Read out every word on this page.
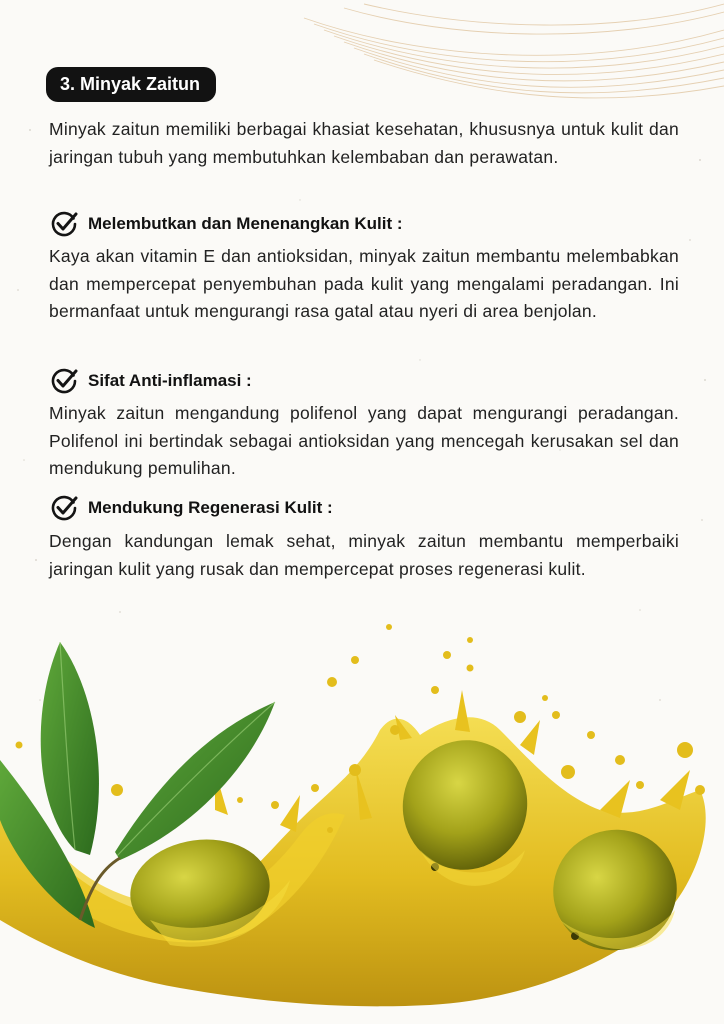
3. Minyak Zaitun

Minyak zaitun memiliki berbagai khasiat kesehatan, khususnya untuk kulit dan jaringan tubuh yang membutuhkan kelembaban dan perawatan.

Melembutkan dan Menenangkan Kulit :

Kaya akan vitamin E dan antioksidan, minyak zaitun membantu melembabkan dan mempercepat penyembuhan pada kulit yang mengalami peradangan. Ini bermanfaat untuk mengurangi rasa gatal atau nyeri di area benjolan.

Sifat Anti-inflamasi :

Minyak zaitun mengandung polifenol yang dapat mengurangi peradangan. Polifenol ini bertindak sebagai antioksidan yang mencegah kerusakan sel dan mendukung pemulihan.

Mendukung Regenerasi Kulit :

Dengan kandungan lemak sehat, minyak zaitun membantu memperbaiki jaringan kulit yang rusak dan mempercepat proses regenerasi kulit.
